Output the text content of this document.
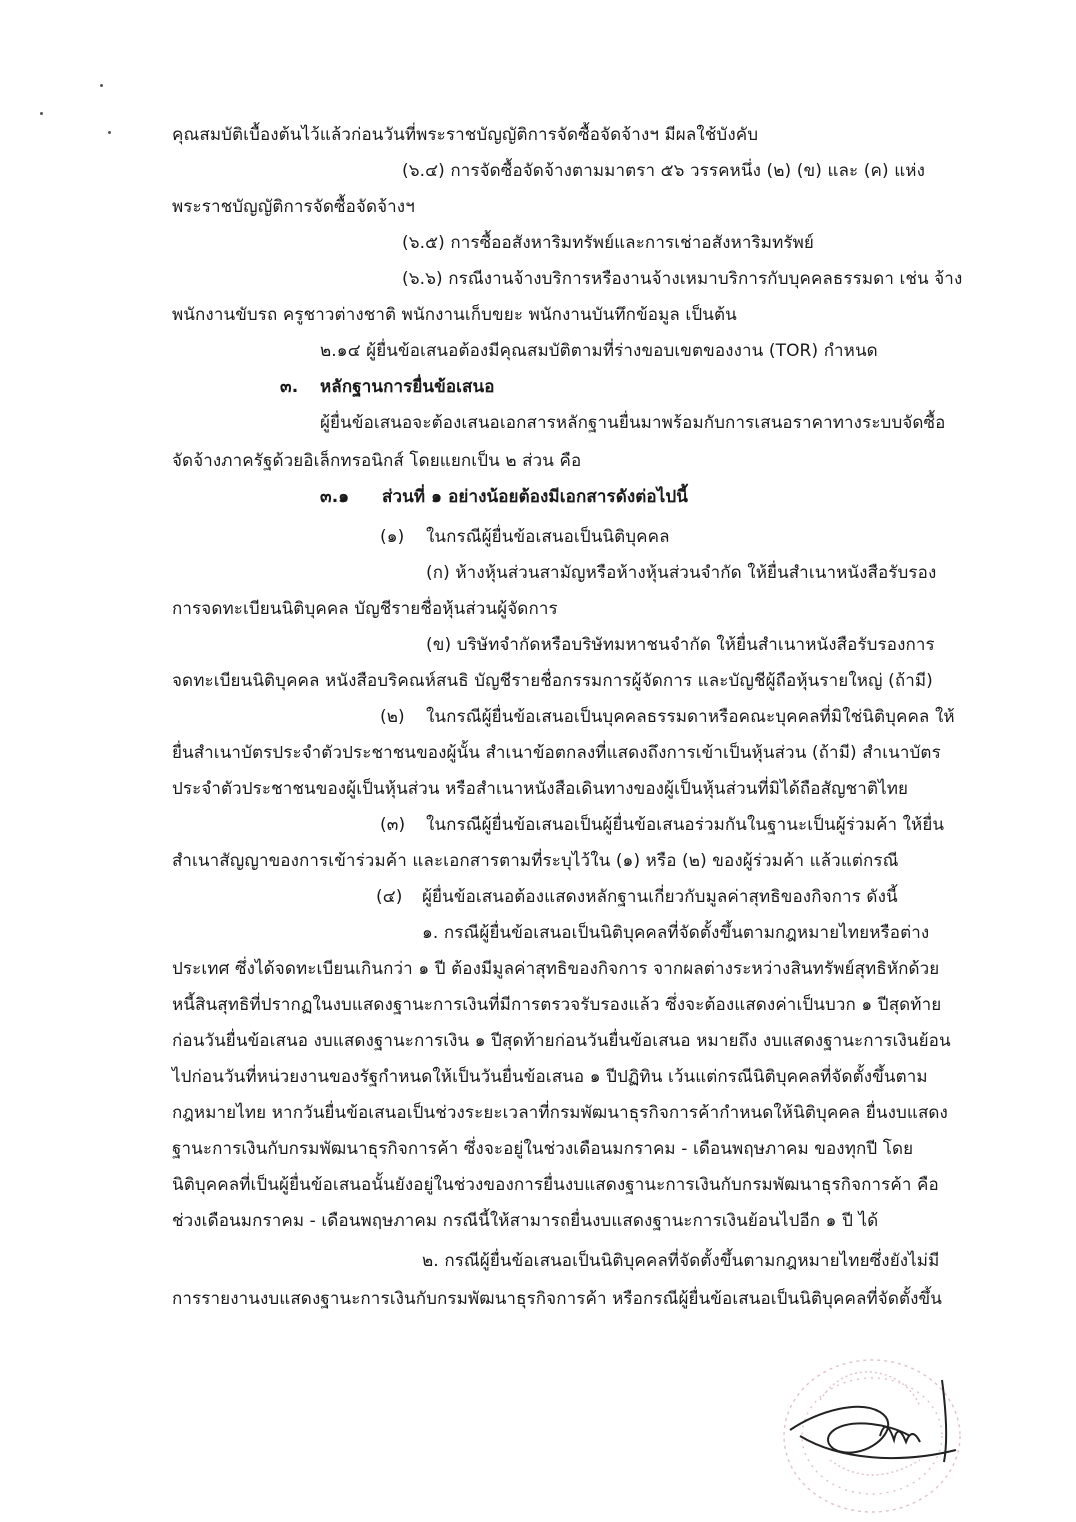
คุณสมบัติเบื้องต้นไว้แล้วก่อนวันที่พระราชบัญญัติการจัดซื้อจัดจ้างฯ มีผลใช้บังคับ
(๖.๔) การจัดซื้อจัดจ้างตามมาตรา ๕๖ วรรคหนึ่ง (๒) (ข) และ (ค) แห่ง
พระราชบัญญัติการจัดซื้อจัดจ้างฯ
(๖.๕) การซื้ออสังหาริมทรัพย์และการเช่าอสังหาริมทรัพย์
(๖.๖) กรณีงานจ้างบริการหรืองานจ้างเหมาบริการกับบุคคลธรรมดา เช่น จ้าง
พนักงานขับรถ ครูชาวต่างชาติ พนักงานเก็บขยะ พนักงานบันทึกข้อมูล เป็นต้น
๒.๑๔ ผู้ยื่นข้อเสนอต้องมีคุณสมบัติตามที่ร่างขอบเขตของงาน (TOR) กำหนด
๓. หลักฐานการยื่นข้อเสนอ
ผู้ยื่นข้อเสนอจะต้องเสนอเอกสารหลักฐานยื่นมาพร้อมกับการเสนอราคาทางระบบจัดซื้อ
จัดจ้างภาครัฐด้วยอิเล็กทรอนิกส์ โดยแยกเป็น ๒ ส่วน คือ
๓.๑ ส่วนที่ ๑ อย่างน้อยต้องมีเอกสารดังต่อไปนี้
(๑) ในกรณีผู้ยื่นข้อเสนอเป็นนิติบุคคล
(ก) ห้างหุ้นส่วนสามัญหรือห้างหุ้นส่วนจำกัด ให้ยื่นสำเนาหนังสือรับรอง
การจดทะเบียนนิติบุคคล บัญชีรายชื่อหุ้นส่วนผู้จัดการ
(ข) บริษัทจำกัดหรือบริษัทมหาชนจำกัด ให้ยื่นสำเนาหนังสือรับรองการ
จดทะเบียนนิติบุคคล หนังสือบริคณห์สนธิ บัญชีรายชื่อกรรมการผู้จัดการ และบัญชีผู้ถือหุ้นรายใหญ่ (ถ้ามี)
(๒) ในกรณีผู้ยื่นข้อเสนอเป็นบุคคลธรรมดาหรือคณะบุคคลที่มิใช่นิติบุคคล ให้
ยื่นสำเนาบัตรประจำตัวประชาชนของผู้นั้น สำเนาข้อตกลงที่แสดงถึงการเข้าเป็นหุ้นส่วน (ถ้ามี) สำเนาบัตร
ประจำตัวประชาชนของผู้เป็นหุ้นส่วน หรือสำเนาหนังสือเดินทางของผู้เป็นหุ้นส่วนที่มิได้ถือสัญชาติไทย
(๓) ในกรณีผู้ยื่นข้อเสนอเป็นผู้ยื่นข้อเสนอร่วมกันในฐานะเป็นผู้ร่วมค้า ให้ยื่น
สำเนาสัญญาของการเข้าร่วมค้า และเอกสารตามที่ระบุไว้ใน (๑) หรือ (๒) ของผู้ร่วมค้า แล้วแต่กรณี
(๔) ผู้ยื่นข้อเสนอต้องแสดงหลักฐานเกี่ยวกับมูลค่าสุทธิของกิจการ ดังนี้
๑. กรณีผู้ยื่นข้อเสนอเป็นนิติบุคคลที่จัดตั้งขึ้นตามกฎหมายไทยหรือต่าง
ประเทศ ซึ่งได้จดทะเบียนเกินกว่า ๑ ปี ต้องมีมูลค่าสุทธิของกิจการ จากผลต่างระหว่างสินทรัพย์สุทธิหักด้วย
หนี้สินสุทธิที่ปรากฏในงบแสดงฐานะการเงินที่มีการตรวจรับรองแล้ว ซึ่งจะต้องแสดงค่าเป็นบวก ๑ ปีสุดท้าย
ก่อนวันยื่นข้อเสนอ งบแสดงฐานะการเงิน ๑ ปีสุดท้ายก่อนวันยื่นข้อเสนอ หมายถึง งบแสดงฐานะการเงินย้อน
ไปก่อนวันที่หน่วยงานของรัฐกำหนดให้เป็นวันยื่นข้อเสนอ ๑ ปีปฏิทิน เว้นแต่กรณีนิติบุคคลที่จัดตั้งขึ้นตาม
กฎหมายไทย หากวันยื่นข้อเสนอเป็นช่วงระยะเวลาที่กรมพัฒนาธุรกิจการค้ากำหนดให้นิติบุคคล ยื่นงบแสดง
ฐานะการเงินกับกรมพัฒนาธุรกิจการค้า ซึ่งจะอยู่ในช่วงเดือนมกราคม - เดือนพฤษภาคม ของทุกปี โดย
นิติบุคคลที่เป็นผู้ยื่นข้อเสนอนั้นยังอยู่ในช่วงของการยื่นงบแสดงฐานะการเงินกับกรมพัฒนาธุรกิจการค้า คือ
ช่วงเดือนมกราคม - เดือนพฤษภาคม กรณีนี้ให้สามารถยื่นงบแสดงฐานะการเงินย้อนไปอีก ๑ ปี ได้
๒. กรณีผู้ยื่นข้อเสนอเป็นนิติบุคคลที่จัดตั้งขึ้นตามกฎหมายไทยซึ่งยังไม่มี
การรายงานงบแสดงฐานะการเงินกับกรมพัฒนาธุรกิจการค้า หรือกรณีผู้ยื่นข้อเสนอเป็นนิติบุคคลที่จัดตั้งขึ้น
